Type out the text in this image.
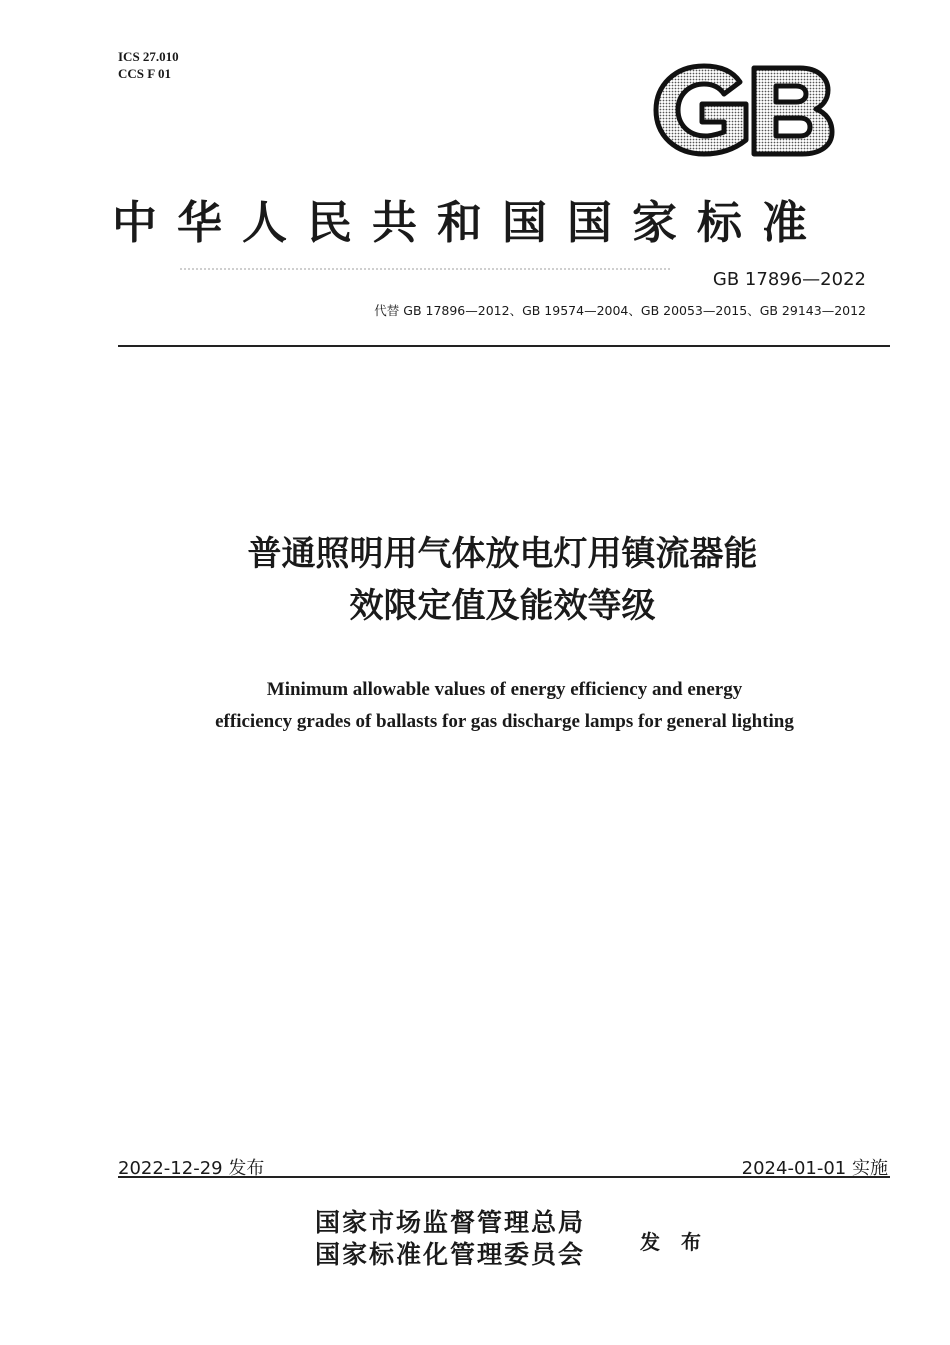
ICS 27.010
CCS F 01
GB
中华人民共和国国家标准
GB 17896—2022
代替 GB 17896—2012、GB 19574—2004、GB 20053—2015、GB 29143—2012
普通照明用气体放电灯用镇流器能
效限定值及能效等级
Minimum allowable values of energy efficiency and energy
efficiency grades of ballasts for gas discharge lamps for general lighting
2022-12-29 发布	2024-01-01 实施
国家市场监督管理总局
国家标准化管理委员会	发 布
